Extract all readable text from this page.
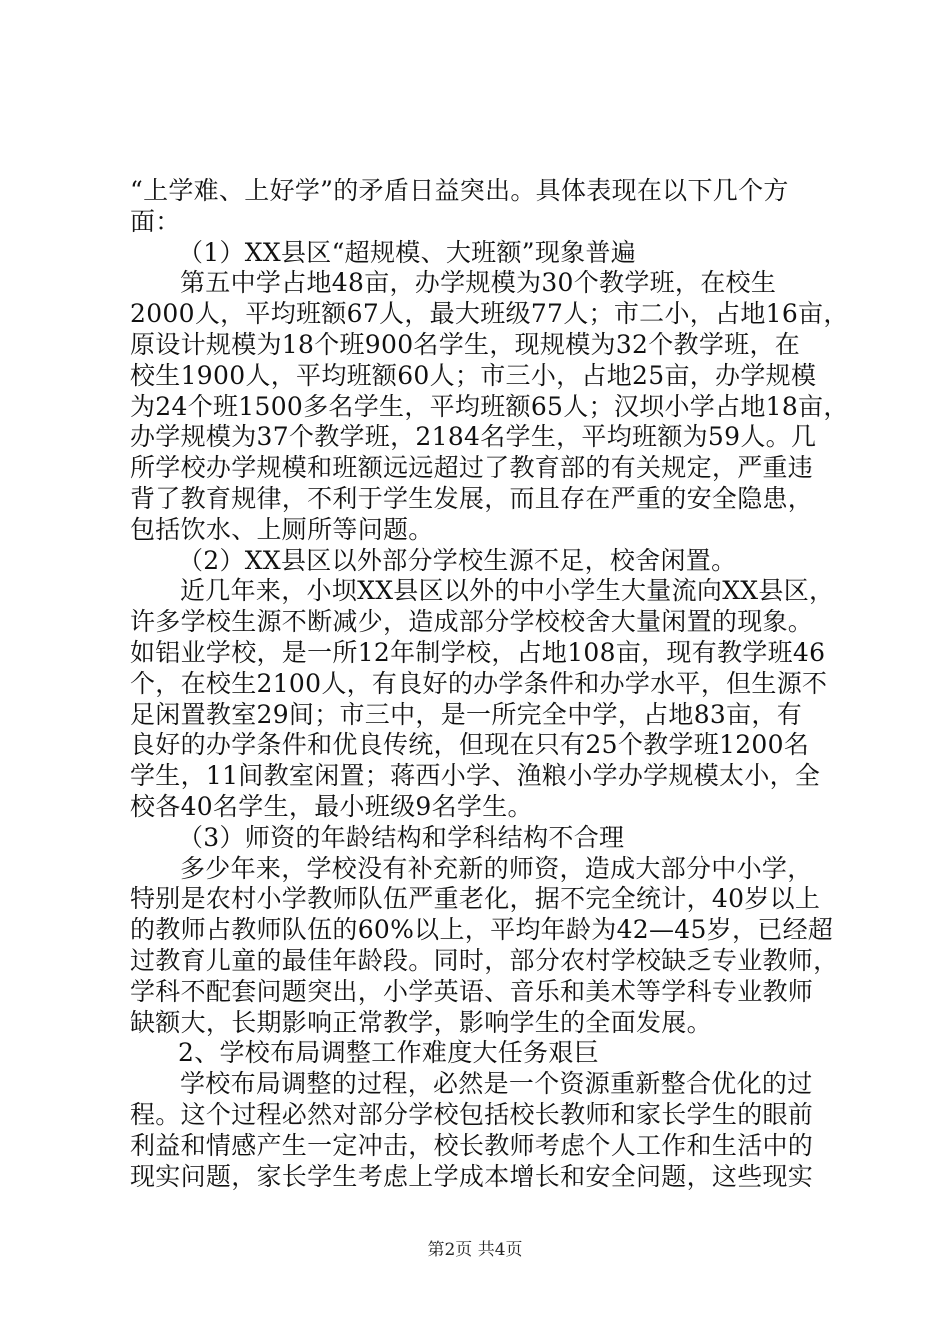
“上学难、上好学”的矛盾日益突出。具体表现在以下几个方
面：
（1）XX县区“超规模、大班额”现象普遍
第五中学占地48亩，办学规模为30个教学班，在校生
2000人，平均班额67人，最大班级77人；市二小，占地16亩，
原设计规模为18个班900名学生，现规模为32个教学班，在
校生1900人，平均班额60人；市三小，占地25亩，办学规模
为24个班1500多名学生，平均班额65人；汉坝小学占地18亩，
办学规模为37个教学班，2184名学生，平均班额为59人。几
所学校办学规模和班额远远超过了教育部的有关规定，严重违
背了教育规律，不利于学生发展，而且存在严重的安全隐患，
包括饮水、上厕所等问题。
（2）XX县区以外部分学校生源不足，校舍闲置。
近几年来，小坝XX县区以外的中小学生大量流向XX县区，
许多学校生源不断减少，造成部分学校校舍大量闲置的现象。
如铝业学校，是一所12年制学校，占地108亩，现有教学班46
个，在校生2100人，有良好的办学条件和办学水平，但生源不
足闲置教室29间；市三中，是一所完全中学，占地83亩，有
良好的办学条件和优良传统，但现在只有25个教学班1200名
学生，11间教室闲置；蒋西小学、渔粮小学办学规模太小，全
校各40名学生，最小班级9名学生。
（3）师资的年龄结构和学科结构不合理
多少年来，学校没有补充新的师资，造成大部分中小学，
特别是农村小学教师队伍严重老化，据不完全统计，40岁以上
的教师占教师队伍的60%以上，平均年龄为42—45岁，已经超
过教育儿童的最佳年龄段。同时，部分农村学校缺乏专业教师，
学科不配套问题突出，小学英语、音乐和美术等学科专业教师
缺额大，长期影响正常教学，影响学生的全面发展。
2、学校布局调整工作难度大任务艰巨
学校布局调整的过程，必然是一个资源重新整合优化的过
程。这个过程必然对部分学校包括校长教师和家长学生的眼前
利益和情感产生一定冲击，校长教师考虑个人工作和生活中的
现实问题，家长学生考虑上学成本增长和安全问题，这些现实
第2页 共4页
